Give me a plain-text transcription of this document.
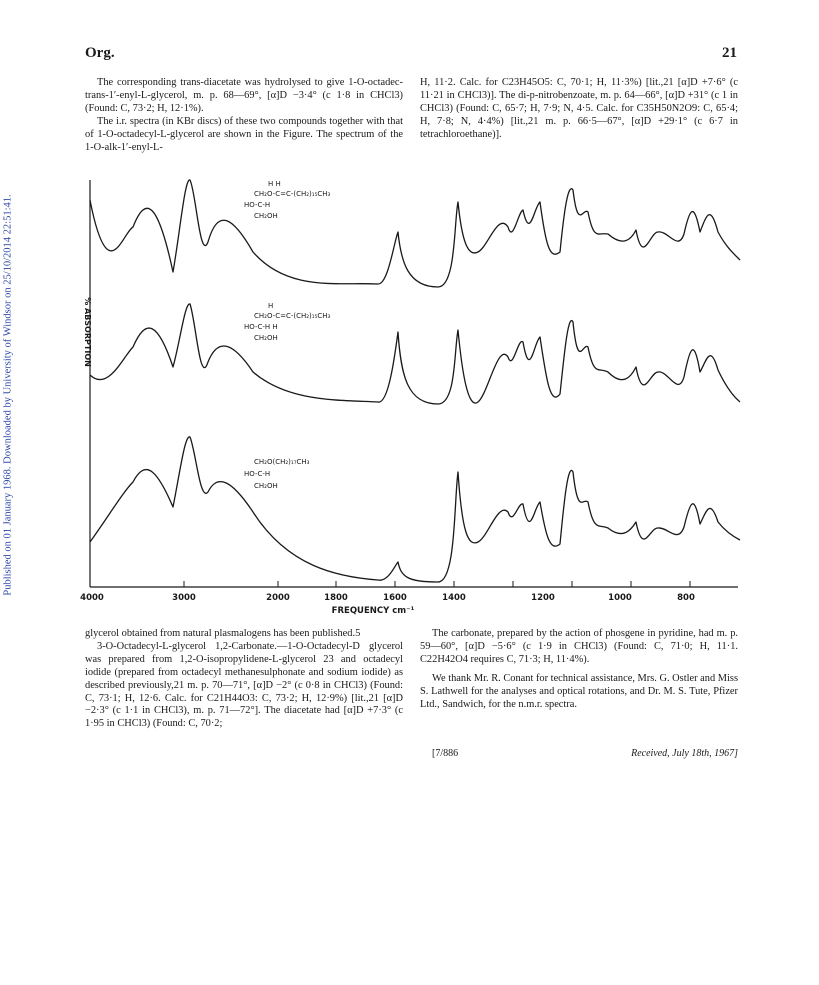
Published on 01 January 1968. Downloaded by University of Windsor on 25/10/2014 22:51:41.
Org.	21

The corresponding trans-diacetate was hydrolysed to give 1-O-octadec-trans-1′-enyl-L-glycerol, m. p. 68—69°, [α]D −3·4° (c 1·8 in CHCl3) (Found: C, 73·2; H, 12·1%).

The i.r. spectra (in KBr discs) of these two compounds together with that of 1-O-octadecyl-L-glycerol are shown in the Figure. The spectrum of the 1-O-alk-1′-enyl-L-

H, 11·2. Calc. for C23H45O5: C, 70·1; H, 11·3%) [lit.,21 [α]D +7·6° (c 11·21 in CHCl3)]. The di-p-nitrobenzoate, m. p. 64—66°, [α]D +31° (c 1 in CHCl3) (Found: C, 65·7; H, 7·9; N, 4·5. Calc. for C35H50N2O9: C, 65·4; H, 7·8; N, 4·4%) [lit.,21 m. p. 66·5—67°, [α]D +29·1° (c 6·7 in tetrachloroethane)].

4000	3000	2000	1800	1600	1400	1200	1000	800
FREQUENCY cm⁻¹
% ABSORPTION
H H
CH₂O-C=C-(CH₂)₁₅CH₃
HO-C-H
CH₂OH
H
CH₂O-C=C-(CH₂)₁₅CH₃
HO-C-H H
CH₂OH
CH₂O(CH₂)₁₇CH₃
HO-C-H
CH₂OH

glycerol obtained from natural plasmalogens has been published.5

3-O-Octadecyl-L-glycerol 1,2-Carbonate.—1-O-Octadecyl-D glycerol was prepared from 1,2-O-isopropylidene-L-glycerol 23 and octadecyl iodide (prepared from octadecyl methanesulphonate and sodium iodide) as described previously,21 m. p. 70—71°, [α]D −2° (c 0·8 in CHCl3) (Found: C, 73·1; H, 12·6. Calc. for C21H44O3: C, 73·2; H, 12·9%) [lit.,21 [α]D −2·3° (c 1·1 in CHCl3), m. p. 71—72°]. The diacetate had [α]D +7·3° (c 1·95 in CHCl3) (Found: C, 70·2;

The carbonate, prepared by the action of phosgene in pyridine, had m. p. 59—60°, [α]D −5·6° (c 1·9 in CHCl3) (Found: C, 71·0; H, 11·1. C22H42O4 requires C, 71·3; H, 11·4%).

We thank Mr. R. Conant for technical assistance, Mrs. G. Ostler and Miss S. Lathwell for the analyses and optical rotations, and Dr. M. S. Tute, Pfizer Ltd., Sandwich, for the n.m.r. spectra.

[7/886	Received, July 18th, 1967]
